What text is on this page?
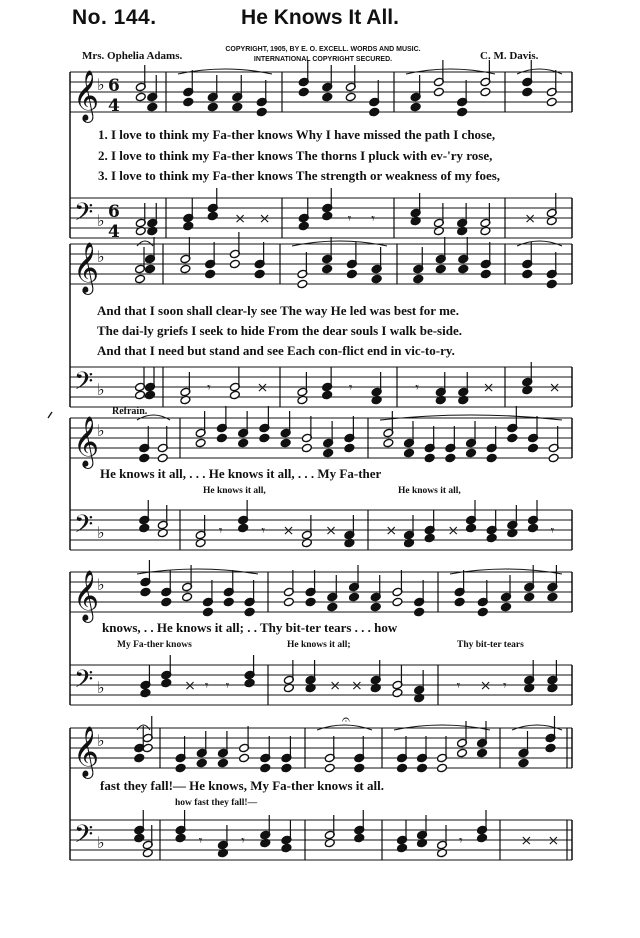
No. 144.	He Knows It All.
Mrs. Ophelia Adams.
COPYRIGHT, 1905, BY E. O. EXCELL. WORDS AND MUSIC.
INTERNATIONAL COPYRIGHT SECURED.	C. M. Davis.
𝄞
𝄢
♭
♭
6
4
6
4
× ×	𝄾 𝄾	×
𝄞
𝄢
♭
♭	𝄾	×	𝄾	𝄾	×	×
𝄞
𝄢
♭
♭	𝄾	𝄾 × ×	×	×	𝄾
𝄞
𝄢
♭
♭	× 𝄾 𝄾	× ×	𝄾 × 𝄾
𝄞
𝄢
♭
♭	𝄾	𝄾	𝄾	× ×
𝄐
1. I love to think my Fa-ther knows Why I have missed the path I chose,
2. I love to think my Fa-ther knows The thorns I pluck with ev-'ry rose,
3. I love to think my Fa-ther knows The strength or weakness of my foes,
And that I soon shall clear-ly see The way He led was best for me.
The dai-ly griefs I seek to hide From the dear souls I walk be-side.
And that I need but stand and see Each con-flict end in vic-to-ry.
Refrain.
He knows it all, . . . He knows it all, . . . My Fa-ther
He knows it all,	He knows it all,
knows, . . He knows it all; . . Thy bit-ter tears . . . how
My Fa-ther knows	He knows it all;	Thy bit-ter tears
fast they fall!— He knows, My Fa-ther knows it all.
how fast they fall!—
